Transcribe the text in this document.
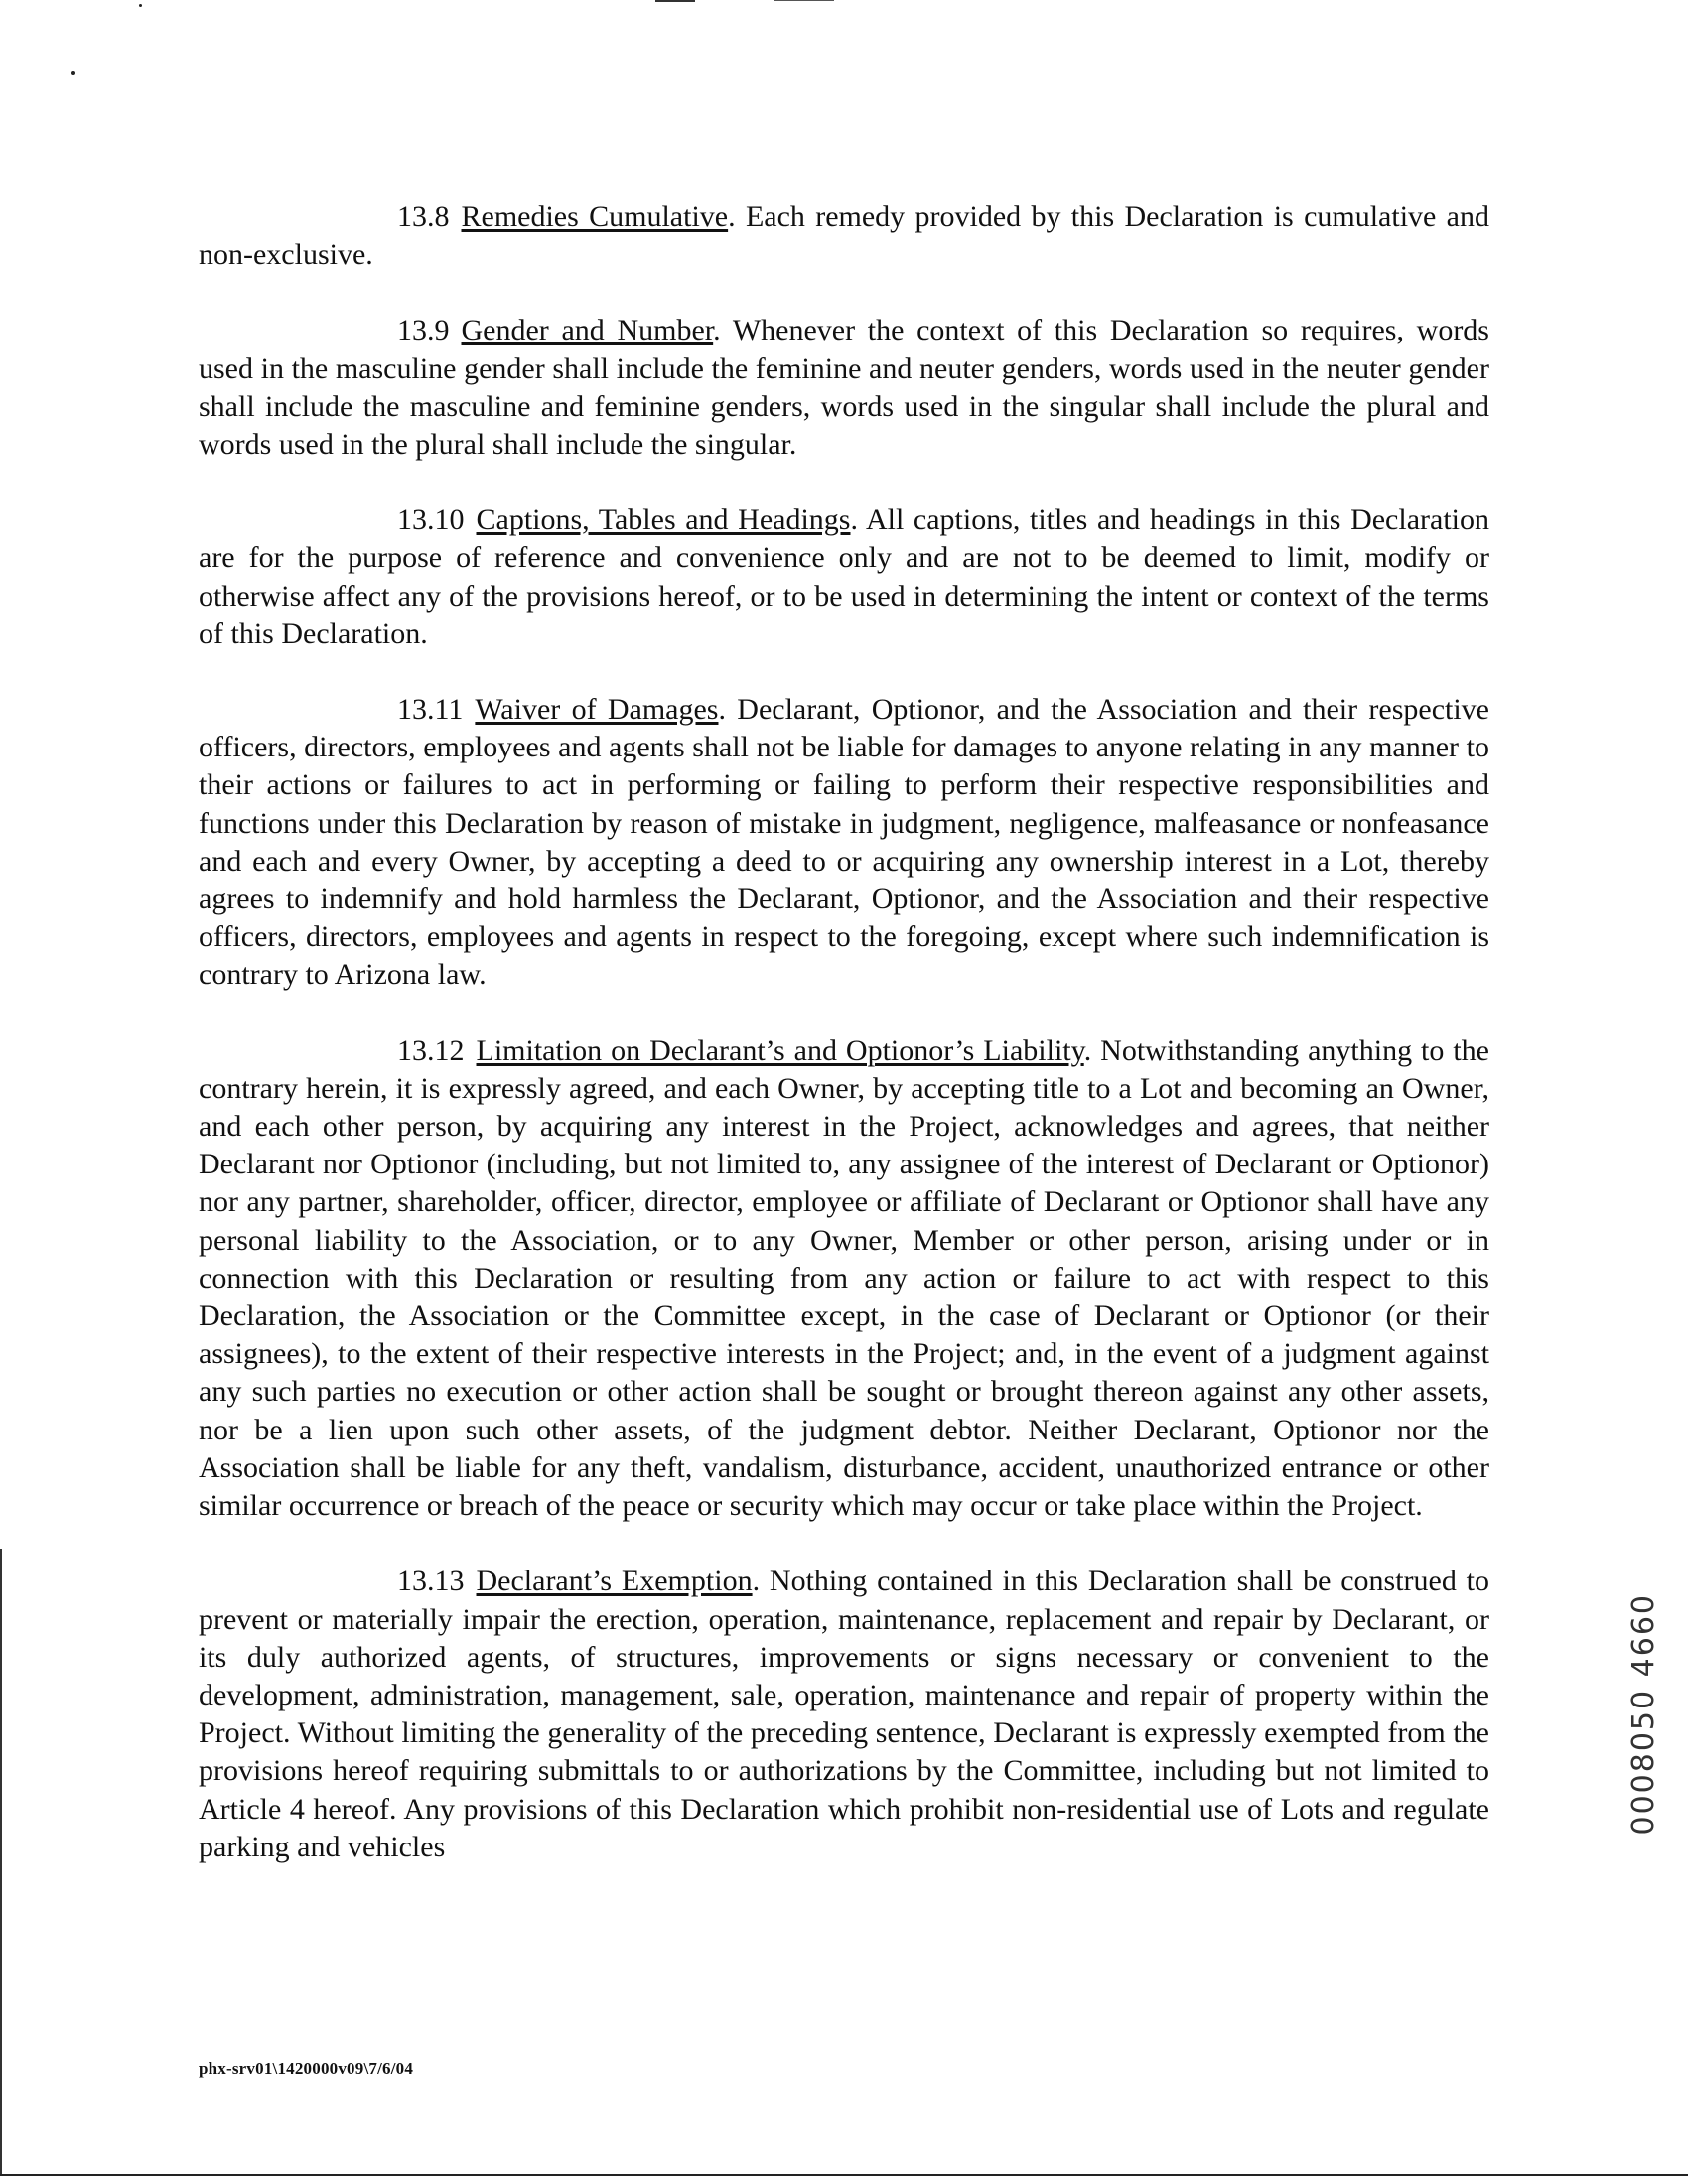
13.8 Remedies Cumulative. Each remedy provided by this Declaration is cumulative and non-exclusive.

13.9 Gender and Number. Whenever the context of this Declaration so requires, words used in the masculine gender shall include the feminine and neuter genders, words used in the neuter gender shall include the masculine and feminine genders, words used in the singular shall include the plural and words used in the plural shall include the singular.

13.10 Captions, Tables and Headings. All captions, titles and headings in this Declaration are for the purpose of reference and convenience only and are not to be deemed to limit, modify or otherwise affect any of the provisions hereof, or to be used in determining the intent or context of the terms of this Declaration.

13.11 Waiver of Damages. Declarant, Optionor, and the Association and their respective officers, directors, employees and agents shall not be liable for damages to anyone relating in any manner to their actions or failures to act in performing or failing to perform their respective responsibilities and functions under this Declaration by reason of mistake in judgment, negligence, malfeasance or nonfeasance and each and every Owner, by accepting a deed to or acquiring any ownership interest in a Lot, thereby agrees to indemnify and hold harmless the Declarant, Optionor, and the Association and their respective officers, directors, employees and agents in respect to the foregoing, except where such indemnification is contrary to Arizona law.

13.12 Limitation on Declarant’s and Optionor’s Liability. Notwithstanding anything to the contrary herein, it is expressly agreed, and each Owner, by accepting title to a Lot and becoming an Owner, and each other person, by acquiring any interest in the Project, acknowledges and agrees, that neither Declarant nor Optionor (including, but not limited to, any assignee of the interest of Declarant or Optionor) nor any partner, shareholder, officer, director, employee or affiliate of Declarant or Optionor shall have any personal liability to the Association, or to any Owner, Member or other person, arising under or in connection with this Declaration or resulting from any action or failure to act with respect to this Declaration, the Association or the Committee except, in the case of Declarant or Optionor (or their assignees), to the extent of their respective interests in the Project; and, in the event of a judgment against any such parties no execution or other action shall be sought or brought thereon against any other assets, nor be a lien upon such other assets, of the judgment debtor. Neither Declarant, Optionor nor the Association shall be liable for any theft, vandalism, disturbance, accident, unauthorized entrance or other similar occurrence or breach of the peace or security which may occur or take place within the Project.

13.13 Declarant’s Exemption. Nothing contained in this Declaration shall be construed to prevent or materially impair the erection, operation, maintenance, replacement and repair by Declarant, or its duly authorized agents, of structures, improvements or signs necessary or convenient to the development, administration, management, sale, operation, maintenance and repair of property within the Project. Without limiting the generality of the preceding sentence, Declarant is expressly exempted from the provisions hereof requiring submittals to or authorizations by the Committee, including but not limited to Article 4 hereof. Any provisions of this Declaration which prohibit non-residential use of Lots and regulate parking and vehicles

0008050 4660
phx-srv01\1420000v09\7/6/04
